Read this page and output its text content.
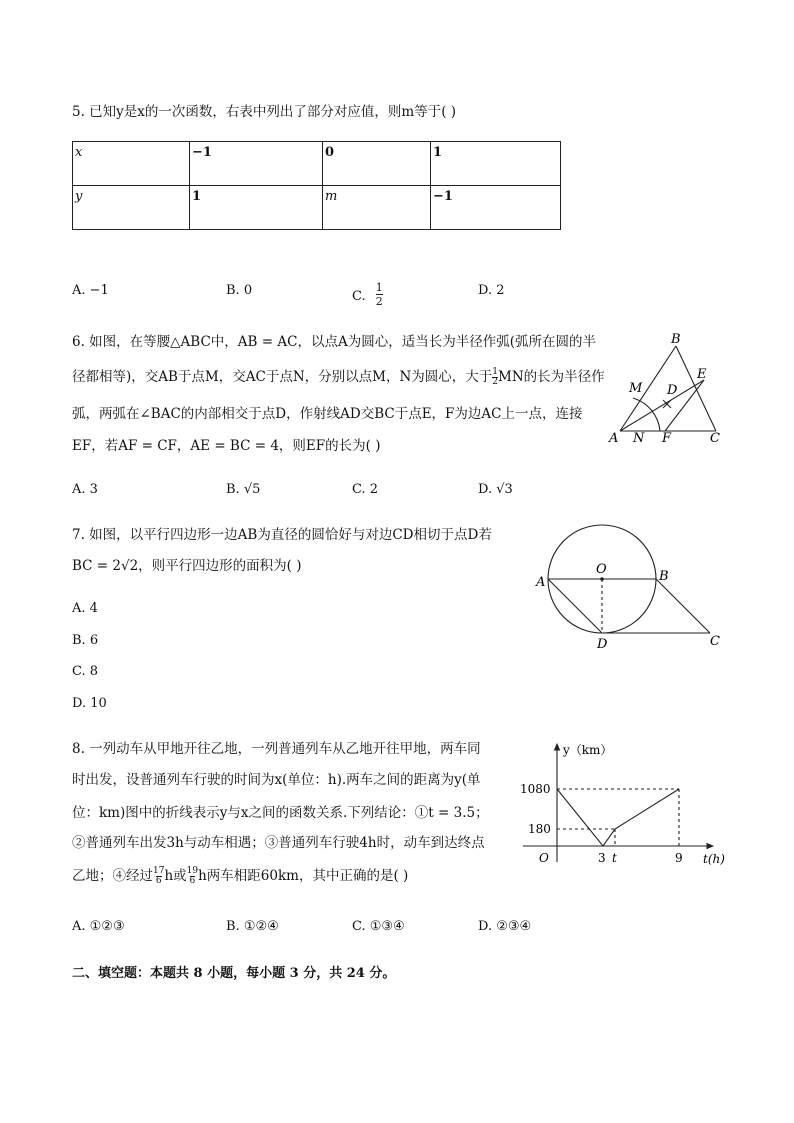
5. 已知y是x的一次函数，右表中列出了部分对应值，则m等于( )
x	−1	0	1
y	1	m	−1
A. −1	B. 0	C. $\frac{1}{2}$	D. 2
6. 如图，在等腰△ABC中，AB = AC，以点A为圆心，适当长为半径作弧(弧所在圆的半
径都相等)，交AB于点M，交AC于点N，分别以点M，N为圆心，大于 $\frac{1}{2}$ MN的长为半径作
弧，两弧在∠BAC的内部相交于点D，作射线AD交BC于点E，F为边AC上一点，连接
EF，若AF = CF，AE = BC = 4，则EF的长为( )
A. 3	B. √5	C. 2	D. √3
B
M D
E
A N F	C
7. 如图，以平行四边形一边AB为直径的圆恰好与对边CD相切于点D若
BC = 2√2，则平行四边形的面积为( )
A. 4
B. 6
C. 8
D. 10
O
A	B
D	C
8. 一列动车从甲地开往乙地，一列普通列车从乙地开往甲地，两车同
时出发，设普通列车行驶的时间为x(单位：h).两车之间的距离为y(单
位：km)图中的折线表示y与x之间的函数关系.下列结论：①t = 3.5；
②普通列车出发3h与动车相遇；③普通列车行驶4h时，动车到达终点
乙地；④经过 $\frac{17}{6}$ h或 $\frac{19}{6}$ h两车相距60km，其中正确的是( )
A. ①②③	B. ①②④	C. ①③④	D. ②③④
y（km）
t(h)
O
1080
180
3 t	9
二、填空题：本题共 8 小题，每小题 3 分，共 24 分。
